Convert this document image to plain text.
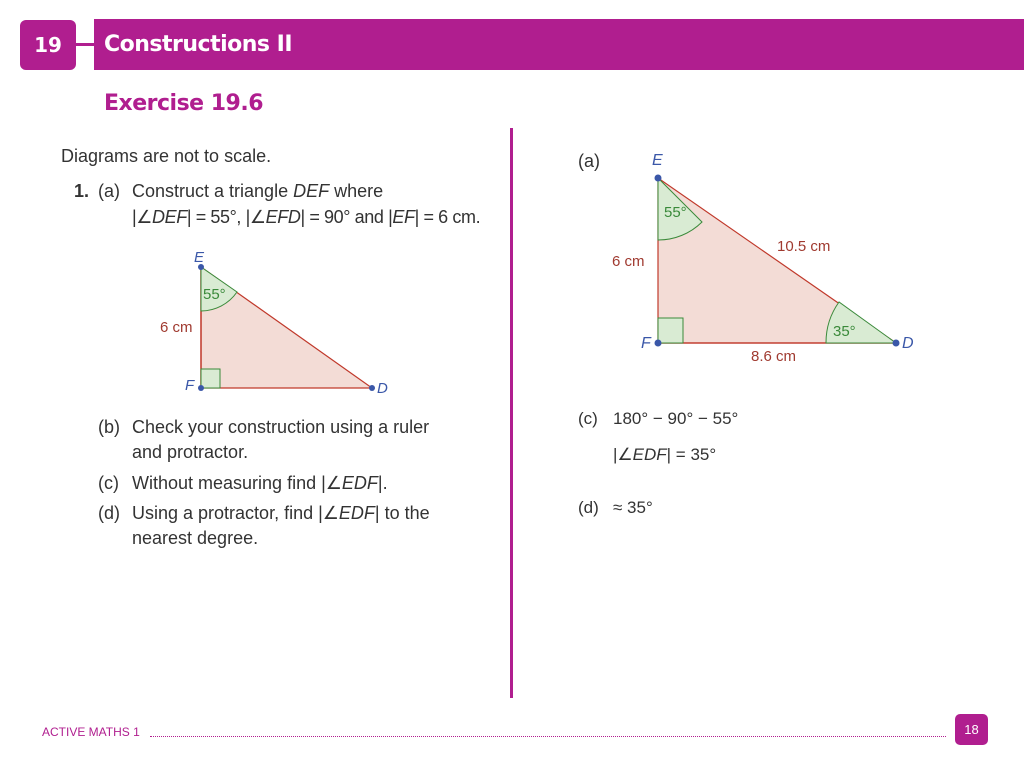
19 Constructions II
Exercise 19.6
Diagrams are not to scale.
1. (a) Construct a triangle DEF where
|∠DEF| = 55°, |∠EFD| = 90° and |EF| = 6 cm.
E
F	D
55°
6 cm
(b) Check your construction using a ruler
and protractor.
(c) Without measuring find |∠EDF|.
(d) Using a protractor, find |∠EDF| to the
nearest degree.
(a)	E
F	D
55°
35°
6 cm
10.5 cm
8.6 cm
(c) 180° − 90° − 55°
|∠EDF| = 35°
(d) ≈ 35°
ACTIVE MATHS 1	18
